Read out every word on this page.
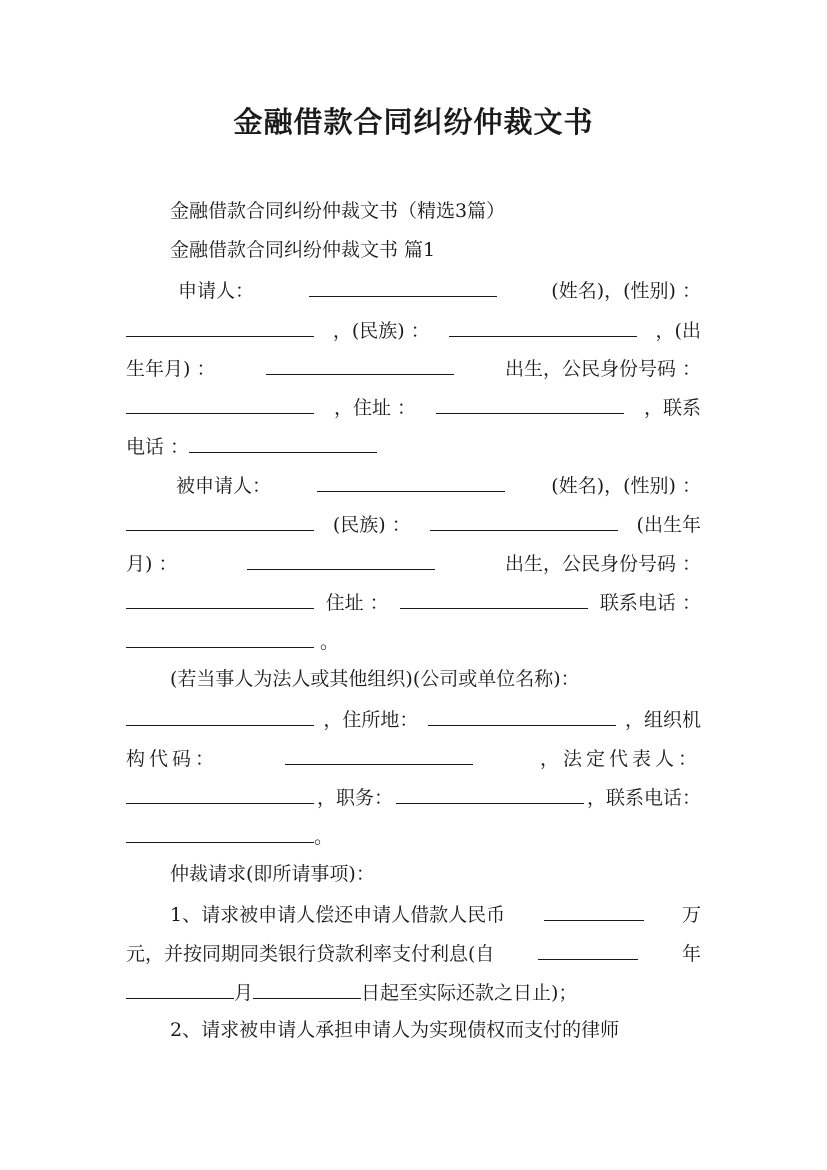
金融借款合同纠纷仲裁文书
金融借款合同纠纷仲裁文书（精选3篇）
金融借款合同纠纷仲裁文书 篇1
申请人：	(姓名)，(性别) ：
，(民族) ：	，(出
生年月) ：	出生，公民身份号码 ：
，住址 ：	，联系
电话 ：
被申请人：	(姓名)，(性别) ：
(民族) ：	(出生年
月) ：	出生，公民身份号码 ：
住址 ：	联系电话 ：
。
(若当事人为法人或其他组织)(公司或单位名称)：
，住所地：	，组织机
构代码：	，法定代表人：
，职务：	，联系电话：
。
仲裁请求(即所请事项)：
1、请求被申请人偿还申请人借款人民币	万
元，并按同期同类银行贷款利率支付利息(自	年
月	日起至实际还款之日止)；
2、请求被申请人承担申请人为实现债权而支付的律师
